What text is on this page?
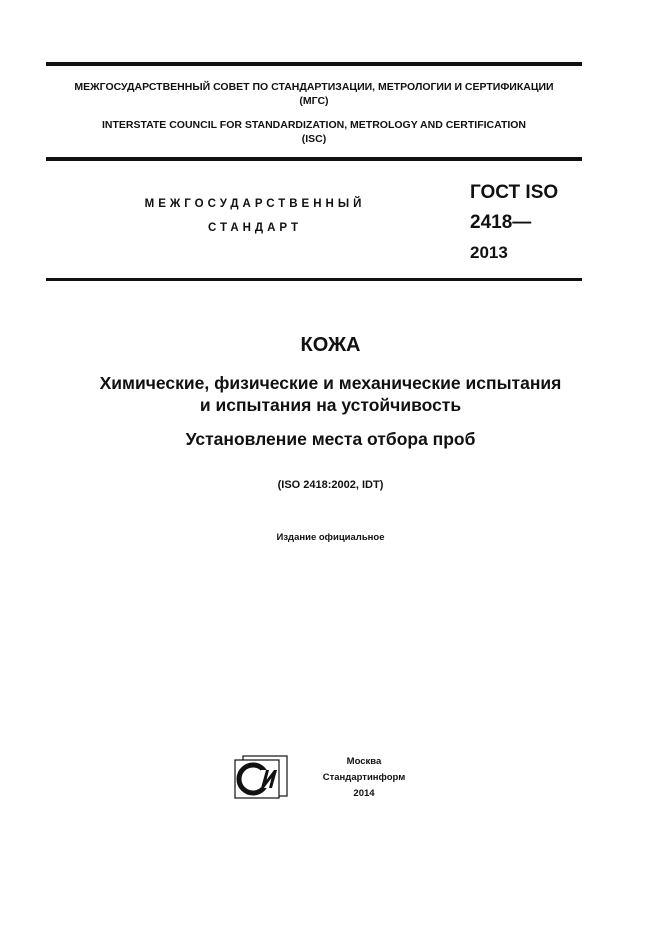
МЕЖГОСУДАРСТВЕННЫЙ СОВЕТ ПО СТАНДАРТИЗАЦИИ, МЕТРОЛОГИИ И СЕРТИФИКАЦИИ
(МГС)
INTERSTATE COUNCIL FOR STANDARDIZATION, METROLOGY AND CERTIFICATION
(ISC)
МЕЖГОСУДАРСТВЕННЫЙ
СТАНДАРТ
ГОСТ ISO
2418—
2013
КОЖА
Химические, физические и механические испытания
и испытания на устойчивость
Установление места отбора проб
(ISO 2418:2002, IDT)
Издание официальное
Москва
Стандартинформ
2014
